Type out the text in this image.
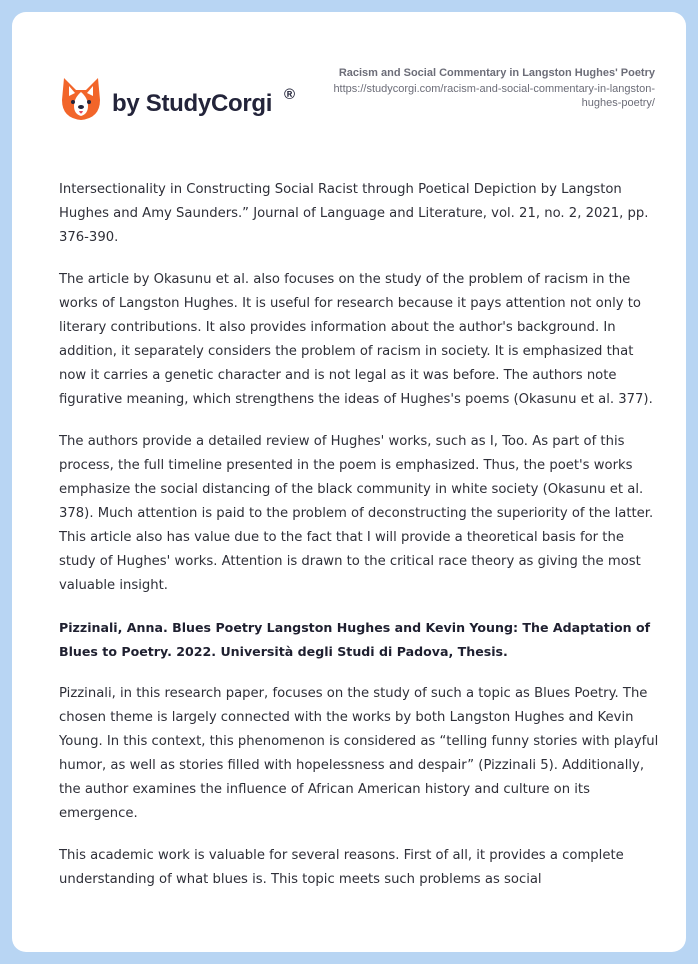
by StudyCorgi ®
Racism and Social Commentary in Langston Hughes' Poetry
https://studycorgi.com/racism-and-social-commentary-in-langston-hughes-poetry/

Intersectionality in Constructing Social Racist through Poetical Depiction by Langston Hughes and Amy Saunders.” Journal of Language and Literature, vol. 21, no. 2, 2021, pp. 376-390.

The article by Okasunu et al. also focuses on the study of the problem of racism in the works of Langston Hughes. It is useful for research because it pays attention not only to literary contributions. It also provides information about the author's background. In addition, it separately considers the problem of racism in society. It is emphasized that now it carries a genetic character and is not legal as it was before. The authors note figurative meaning, which strengthens the ideas of Hughes's poems (Okasunu et al. 377).

The authors provide a detailed review of Hughes' works, such as I, Too. As part of this process, the full timeline presented in the poem is emphasized. Thus, the poet's works emphasize the social distancing of the black community in white society (Okasunu et al. 378). Much attention is paid to the problem of deconstructing the superiority of the latter. This article also has value due to the fact that I will provide a theoretical basis for the study of Hughes' works. Attention is drawn to the critical race theory as giving the most valuable insight.

Pizzinali, Anna. Blues Poetry Langston Hughes and Kevin Young: The Adaptation of Blues to Poetry. 2022. Università degli Studi di Padova, Thesis.

Pizzinali, in this research paper, focuses on the study of such a topic as Blues Poetry. The chosen theme is largely connected with the works by both Langston Hughes and Kevin Young. In this context, this phenomenon is considered as “telling funny stories with playful humor, as well as stories filled with hopelessness and despair” (Pizzinali 5). Additionally, the author examines the influence of African American history and culture on its emergence.

This academic work is valuable for several reasons. First of all, it provides a complete understanding of what blues is. This topic meets such problems as social
